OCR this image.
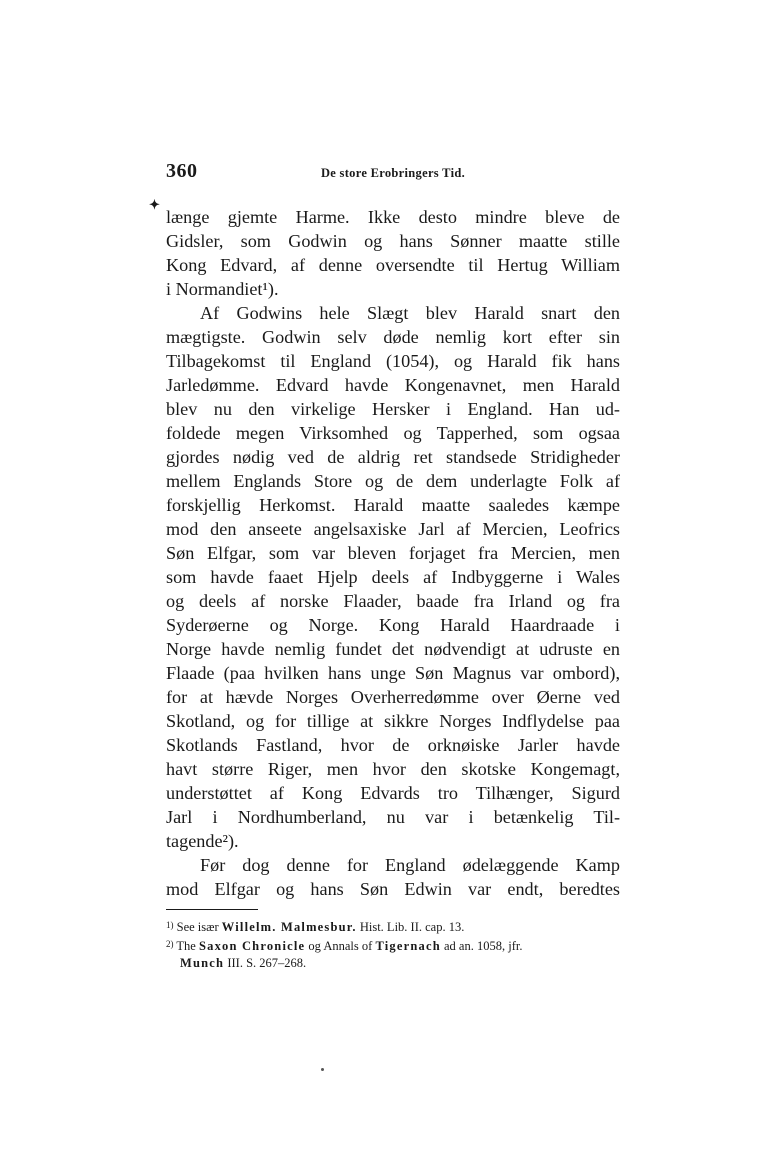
360	De store Erobringers Tid.
✦
længe gjemte Harme. Ikke desto mindre bleve de
Gidsler, som Godwin og hans Sønner maatte stille
Kong Edvard, af denne oversendte til Hertug William
i Normandiet¹).
Af Godwins hele Slægt blev Harald snart den
mægtigste. Godwin selv døde nemlig kort efter sin
Tilbagekomst til England (1054), og Harald fik hans
Jarledømme. Edvard havde Kongenavnet, men Harald
blev nu den virkelige Hersker i England. Han ud-
foldede megen Virksomhed og Tapperhed, som ogsaa
gjordes nødig ved de aldrig ret standsede Stridigheder
mellem Englands Store og de dem underlagte Folk af
forskjellig Herkomst. Harald maatte saaledes kæmpe
mod den anseete angelsaxiske Jarl af Mercien, Leofrics
Søn Elfgar, som var bleven forjaget fra Mercien, men
som havde faaet Hjelp deels af Indbyggerne i Wales
og deels af norske Flaader, baade fra Irland og fra
Syderøerne og Norge. Kong Harald Haardraade i
Norge havde nemlig fundet det nødvendigt at udruste en
Flaade (paa hvilken hans unge Søn Magnus var ombord),
for at hævde Norges Overherredømme over Øerne ved
Skotland, og for tillige at sikkre Norges Indflydelse paa
Skotlands Fastland, hvor de orknøiske Jarler havde
havt større Riger, men hvor den skotske Kongemagt,
understøttet af Kong Edvards tro Tilhænger, Sigurd
Jarl i Nordhumberland, nu var i betænkelig Til-
tagende²).
Før dog denne for England ødelæggende Kamp
mod Elfgar og hans Søn Edwin var endt, beredtes
$^{1)}$ See især Willelm. Malmesbur. Hist. Lib. II. cap. 13.
$^{2)}$ The Saxon Chronicle og Annals of Tigernach ad an. 1058, jfr.
Munch III. S. 267–268.
